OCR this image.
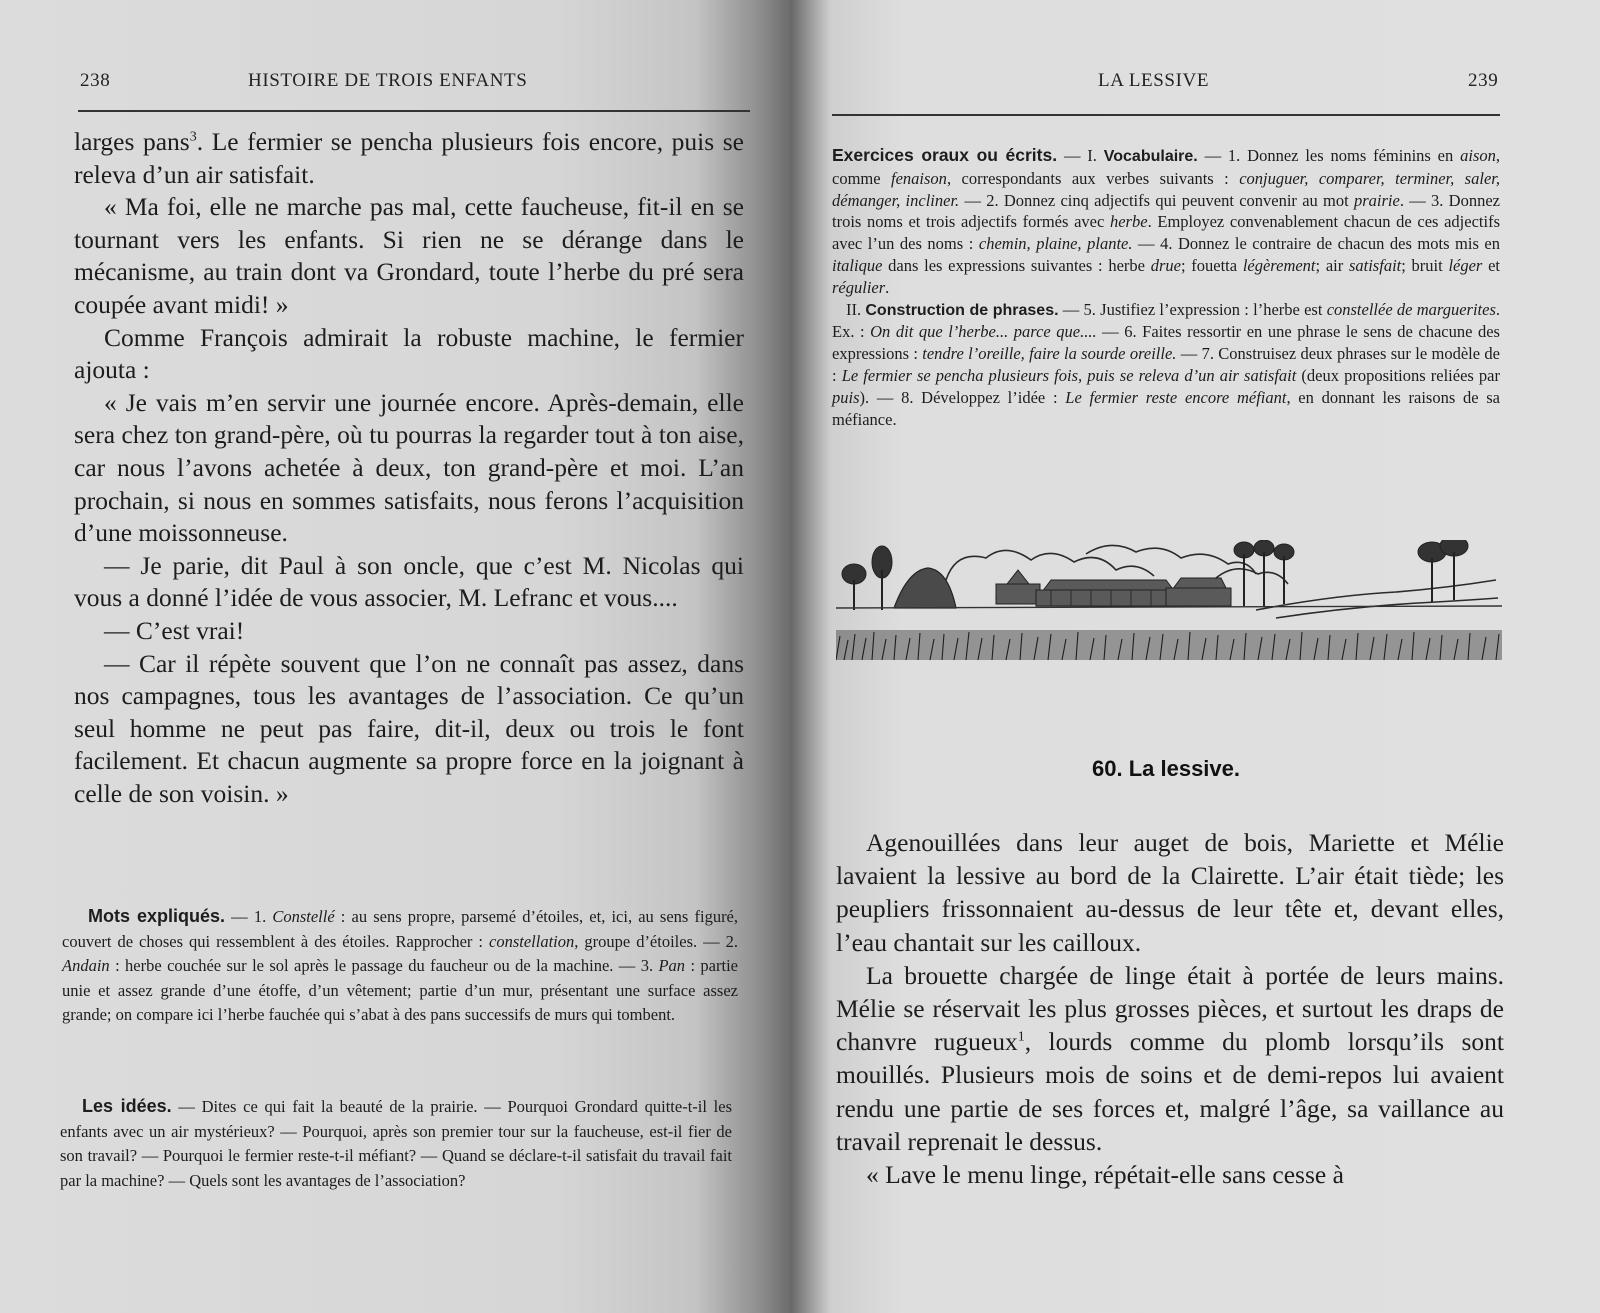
238	HISTOIRE DE TROIS ENFANTS

larges pans$^3$. Le fermier se pencha plusieurs fois encore, puis se releva d’un air satisfait.

« Ma foi, elle ne marche pas mal, cette faucheuse, fit-il en se tournant vers les enfants. Si rien ne se dérange dans le mécanisme, au train dont va Grondard, toute l’herbe du pré sera coupée avant midi! »

Comme François admirait la robuste machine, le fermier ajouta :

« Je vais m’en servir une journée encore. Après-demain, elle sera chez ton grand-père, où tu pourras la regarder tout à ton aise, car nous l’avons achetée à deux, ton grand-père et moi. L’an prochain, si nous en sommes satisfaits, nous ferons l’acquisition d’une moissonneuse.

— Je parie, dit Paul à son oncle, que c’est M. Nicolas qui vous a donné l’idée de vous associer, M. Lefranc et vous....

— C’est vrai!

— Car il répète souvent que l’on ne connaît pas assez, dans nos campagnes, tous les avantages de l’association. Ce qu’un seul homme ne peut pas faire, dit-il, deux ou trois le font facilement. Et chacun augmente sa propre force en la joignant à celle de son voisin. »

Mots expliqués. — 1. Constellé : au sens propre, parsemé d’étoiles, et, ici, au sens figuré, couvert de choses qui ressemblent à des étoiles. Rapprocher : constellation, groupe d’étoiles. — 2. Andain : herbe couchée sur le sol après le passage du faucheur ou de la machine. — 3. Pan : partie unie et assez grande d’une étoffe, d’un vêtement; partie d’un mur, présentant une surface assez grande; on compare ici l’herbe fauchée qui s’abat à des pans successifs de murs qui tombent.
Les idées. — Dites ce qui fait la beauté de la prairie. — Pourquoi Grondard quitte-t-il les enfants avec un air mystérieux? — Pourquoi, après son premier tour sur la faucheuse, est-il fier de son travail? — Pourquoi le fermier reste-t-il méfiant? — Quand se déclare-t-il satisfait du travail fait par la machine? — Quels sont les avantages de l’association?
LA LESSIVE	239

Exercices oraux ou écrits. — I. Vocabulaire. — 1. Donnez les noms féminins en aison, comme fenaison, correspondants aux verbes suivants : conjuguer, comparer, terminer, saler, démanger, incliner. — 2. Donnez cinq adjectifs qui peuvent convenir au mot prairie. — 3. Donnez trois noms et trois adjectifs formés avec herbe. Employez convenablement chacun de ces adjectifs avec l’un des noms : chemin, plaine, plante. — 4. Donnez le contraire de chacun des mots mis en italique dans les expressions suivantes : herbe drue; fouetta légèrement; air satisfait; bruit léger et régulier.

II. Construction de phrases. — 5. Justifiez l’expression : l’herbe est constellée de marguerites. Ex. : On dit que l’herbe... parce que.... — 6. Faites ressortir en une phrase le sens de chacune des expressions : tendre l’oreille, faire la sourde oreille. — 7. Construisez deux phrases sur le modèle de : Le fermier se pencha plusieurs fois, puis se releva d’un air satisfait (deux propositions reliées par puis). — 8. Développez l’idée : Le fermier reste encore méfiant, en donnant les raisons de sa méfiance.

60. La lessive.

Agenouillées dans leur auget de bois, Mariette et Mélie lavaient la lessive au bord de la Clairette. L’air était tiède; les peupliers frissonnaient au-dessus de leur tête et, devant elles, l’eau chantait sur les cailloux.

La brouette chargée de linge était à portée de leurs mains. Mélie se réservait les plus grosses pièces, et surtout les draps de chanvre rugueux$^1$, lourds comme du plomb lorsqu’ils sont mouillés. Plusieurs mois de soins et de demi-repos lui avaient rendu une partie de ses forces et, malgré l’âge, sa vaillance au travail reprenait le dessus.

« Lave le menu linge, répétait-elle sans cesse à
